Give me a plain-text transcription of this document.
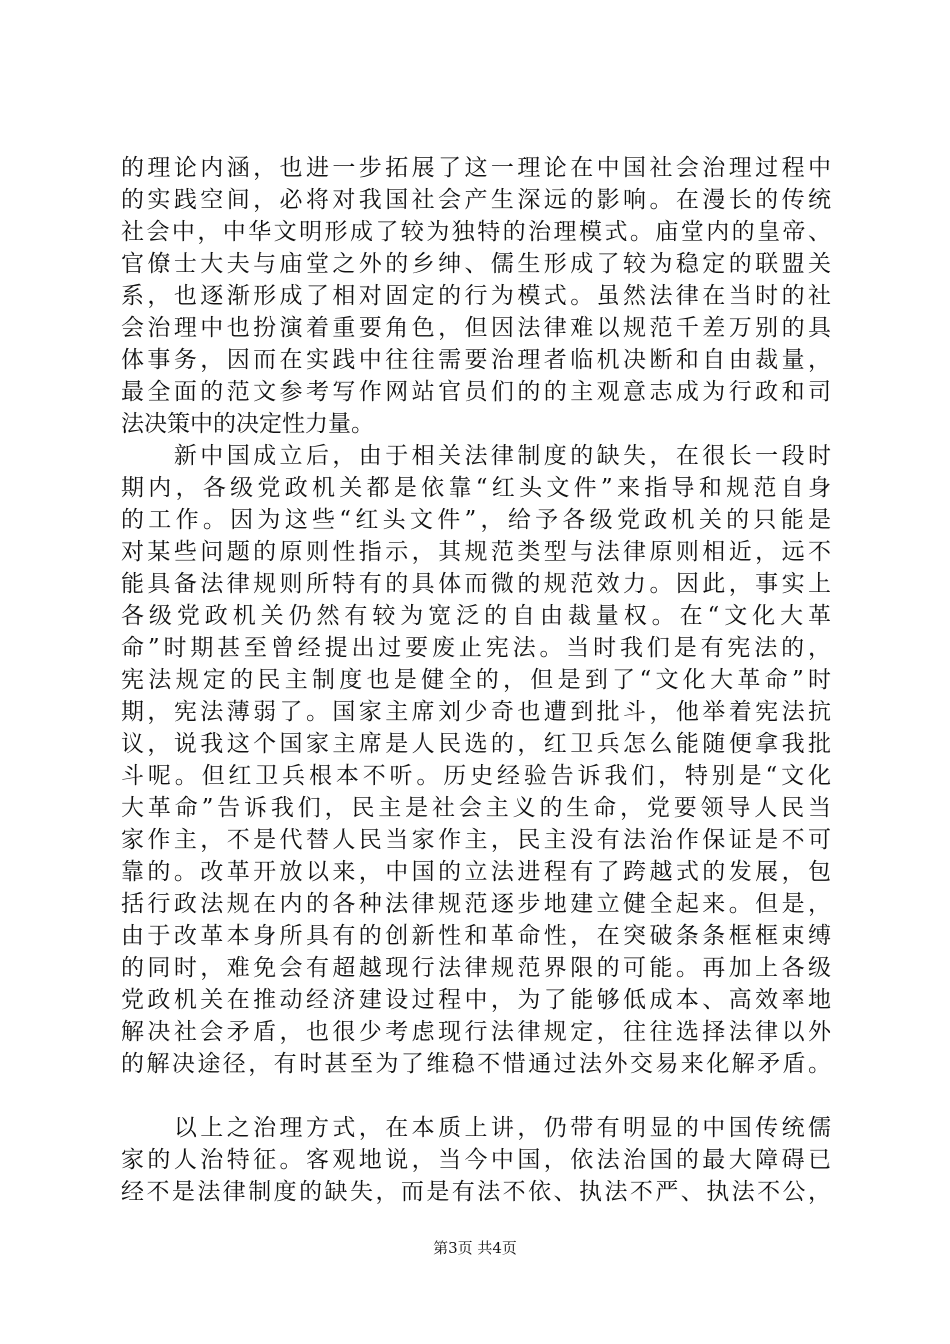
的理论内涵，也进一步拓展了这一理论在中国社会治理过程中
的实践空间，必将对我国社会产生深远的影响。在漫长的传统
社会中，中华文明形成了较为独特的治理模式。庙堂内的皇帝、
官僚士大夫与庙堂之外的乡绅、儒生形成了较为稳定的联盟关
系，也逐渐形成了相对固定的行为模式。虽然法律在当时的社
会治理中也扮演着重要角色，但因法律难以规范千差万别的具
体事务，因而在实践中往往需要治理者临机决断和自由裁量，
最全面的范文参考写作网站官员们的的主观意志成为行政和司
法决策中的决定性力量。
　　新中国成立后，由于相关法律制度的缺失，在很长一段时
期内，各级党政机关都是依靠“红头文件”来指导和规范自身
的工作。因为这些“红头文件”，给予各级党政机关的只能是
对某些问题的原则性指示，其规范类型与法律原则相近，远不
能具备法律规则所特有的具体而微的规范效力。因此，事实上
各级党政机关仍然有较为宽泛的自由裁量权。在“文化大革
命”时期甚至曾经提出过要废止宪法。当时我们是有宪法的，
宪法规定的民主制度也是健全的，但是到了“文化大革命”时
期，宪法薄弱了。国家主席刘少奇也遭到批斗，他举着宪法抗
议，说我这个国家主席是人民选的，红卫兵怎么能随便拿我批
斗呢。但红卫兵根本不听。历史经验告诉我们，特别是“文化
大革命”告诉我们，民主是社会主义的生命，党要领导人民当
家作主，不是代替人民当家作主，民主没有法治作保证是不可
靠的。改革开放以来，中国的立法进程有了跨越式的发展，包
括行政法规在内的各种法律规范逐步地建立健全起来。但是，
由于改革本身所具有的创新性和革命性，在突破条条框框束缚
的同时，难免会有超越现行法律规范界限的可能。再加上各级
党政机关在推动经济建设过程中，为了能够低成本、高效率地
解决社会矛盾，也很少考虑现行法律规定，往往选择法律以外
的解决途径，有时甚至为了维稳不惜通过法外交易来化解矛盾。
　　以上之治理方式，在本质上讲，仍带有明显的中国传统儒
家的人治特征。客观地说，当今中国，依法治国的最大障碍已
经不是法律制度的缺失，而是有法不依、执法不严、执法不公，
第3页 共4页
